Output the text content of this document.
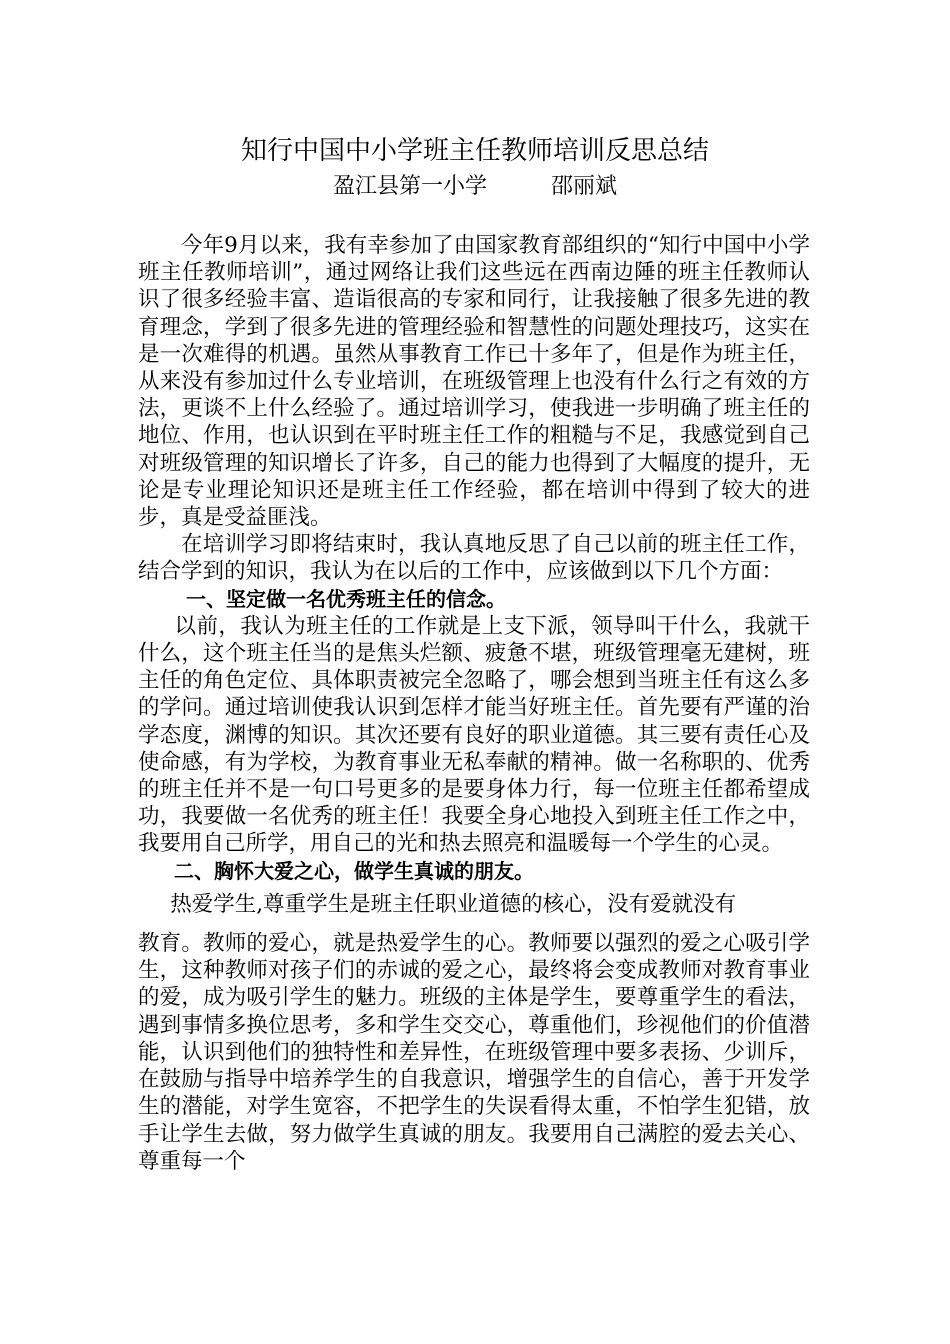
知行中国中小学班主任教师培训反思总结
盈江县第一小学	邵丽斌

今年9月以来，我有幸参加了由国家教育部组织的“知行中国中小学班主任教师培训”，通过网络让我们这些远在西南边陲的班主任教师认识了很多经验丰富、造诣很高的专家和同行，让我接触了很多先进的教育理念，学到了很多先进的管理经验和智慧性的问题处理技巧，这实在是一次难得的机遇。虽然从事教育工作已十多年了，但是作为班主任，从来没有参加过什么专业培训，在班级管理上也没有什么行之有效的方法，更谈不上什么经验了。通过培训学习，使我进一步明确了班主任的地位、作用，也认识到在平时班主任工作的粗糙与不足，我感觉到自己对班级管理的知识增长了许多，自己的能力也得到了大幅度的提升，无论是专业理论知识还是班主任工作经验，都在培训中得到了较大的进步，真是受益匪浅。

在培训学习即将结束时，我认真地反思了自己以前的班主任工作，结合学到的知识，我认为在以后的工作中，应该做到以下几个方面：

一、坚定做一名优秀班主任的信念。

以前，我认为班主任的工作就是上支下派，领导叫干什么，我就干什么，这个班主任当的是焦头烂额、疲惫不堪，班级管理毫无建树，班主任的角色定位、具体职责被完全忽略了，哪会想到当班主任有这么多的学问。通过培训使我认识到怎样才能当好班主任。首先要有严谨的治学态度，渊博的知识。其次还要有良好的职业道德。其三要有责任心及使命感，有为学校，为教育事业无私奉献的精神。做一名称职的、优秀的班主任并不是一句口号更多的是要身体力行，每一位班主任都希望成功，我要做一名优秀的班主任！我要全身心地投入到班主任工作之中，我要用自己所学，用自己的光和热去照亮和温暖每一个学生的心灵。

二、胸怀大爱之心，做学生真诚的朋友。

热爱学生,尊重学生是班主任职业道德的核心，没有爱就没有

教育。教师的爱心，就是热爱学生的心。教师要以强烈的爱之心吸引学生，这种教师对孩子们的赤诚的爱之心，最终将会变成教师对教育事业的爱，成为吸引学生的魅力。班级的主体是学生，要尊重学生的看法，遇到事情多换位思考，多和学生交交心，尊重他们，珍视他们的价值潜能，认识到他们的独特性和差异性，在班级管理中要多表扬、少训斥，在鼓励与指导中培养学生的自我意识，增强学生的自信心，善于开发学生的潜能，对学生宽容，不把学生的失误看得太重，不怕学生犯错，放手让学生去做，努力做学生真诚的朋友。我要用自己满腔的爱去关心、尊重每一个
